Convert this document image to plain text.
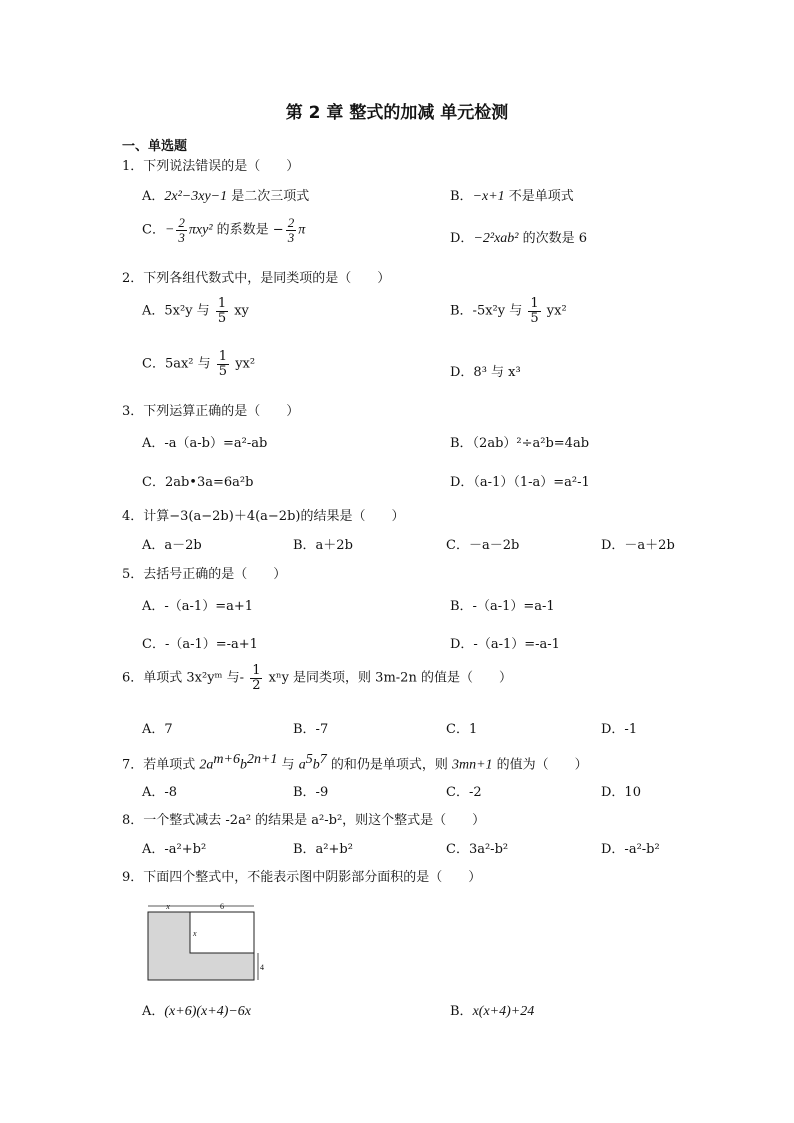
第 2 章 整式的加减 单元检测
一、单选题
1．下列说法错误的是（　　）
A．2x²−3xy−1 是二次三项式	B．−x+1 不是单项式
C．− $\frac{2}{3} \pi xy^2$ 的系数是 − $\frac{2}{3}$ π
D．−2²xab² 的次数是 6
2．下列各组代数式中，是同类项的是（　　）
A．5x²y 与 $\frac{1}{5}$ xy	B．-5x²y 与 $\frac{1}{5} yx^2$
C．5ax² 与 $\frac{1}{5} yx^2$
D．8³ 与 x³
3．下列运算正确的是（　　）
A．-a（a-b）=a²-ab	B．（2ab）²÷a²b=4ab
C．2ab•3a=6a²b	D．（a-1）（1-a）=a²-1
4．计算−3(a−2b)＋4(a−2b)的结果是（　　）
A．a－2b	B．a＋2b	C．－a－2b	D．－a＋2b
5．去括号正确的是（　　）
A．-（a-1）=a+1	B．-（a-1）=a-1
C．-（a-1）=-a+1	D．-（a-1）=-a-1
6．单项式 3x²yᵐ 与- $\frac{1}{2}$ xⁿy 是同类项，则 3m-2n 的值是（　　）
A．7	B．-7	C．1	D．-1
7．若单项式 $2a^{m+6}b^{2n+1}$ 与 $a^5b^7$ 的和仍是单项式，则 3mn+1 的值为（　　）
A．-8	B．-9	C．-2	D．10
8．一个整式减去 -2a² 的结果是 a²-b²，则这个整式是（　　）
A．-a²+b²	B．a²+b²	C．3a²-b²	D．-a²-b²
9．下面四个整式中，不能表示图中阴影部分面积的是（　　）
x	6
x
4
A．(x+6)(x+4)−6x	B．x(x+4)+24
